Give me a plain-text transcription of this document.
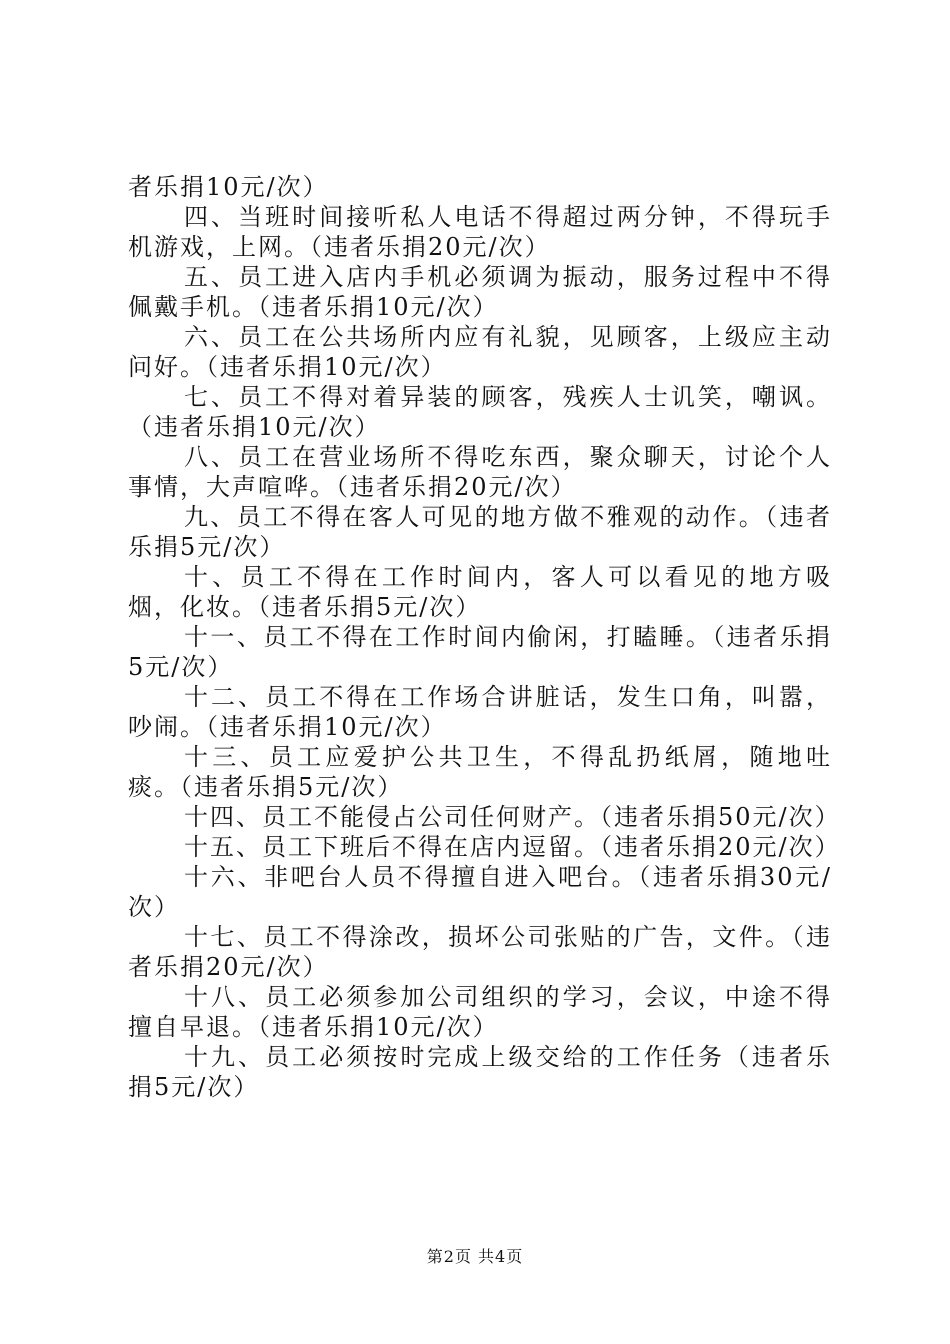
者乐捐10元/次）

四、当班时间接听私人电话不得超过两分钟，不得玩手机游戏，上网。（违者乐捐20元/次）

五、员工进入店内手机必须调为振动，服务过程中不得佩戴手机。（违者乐捐10元/次）

六、员工在公共场所内应有礼貌，见顾客，上级应主动问好。（违者乐捐10元/次）

七、员工不得对着异装的顾客，残疾人士讥笑，嘲讽。（违者乐捐10元/次）

八、员工在营业场所不得吃东西，聚众聊天，讨论个人事情，大声喧哗。（违者乐捐20元/次）

九、员工不得在客人可见的地方做不雅观的动作。（违者乐捐5元/次）

十、员工不得在工作时间内，客人可以看见的地方吸烟，化妆。（违者乐捐5元/次）

十一、员工不得在工作时间内偷闲，打瞌睡。（违者乐捐5元/次）

十二、员工不得在工作场合讲脏话，发生口角，叫嚣，吵闹。（违者乐捐10元/次）

十三、员工应爱护公共卫生，不得乱扔纸屑，随地吐痰。（违者乐捐5元/次）

十四、员工不能侵占公司任何财产。（违者乐捐50元/次）

十五、员工下班后不得在店内逗留。（违者乐捐20元/次）

十六、非吧台人员不得擅自进入吧台。（违者乐捐30元/次）

十七、员工不得涂改，损坏公司张贴的广告，文件。（违者乐捐20元/次）

十八、员工必须参加公司组织的学习，会议，中途不得擅自早退。（违者乐捐10元/次）

十九、员工必须按时完成上级交给的工作任务（违者乐捐5元/次）

第2页 共4页
